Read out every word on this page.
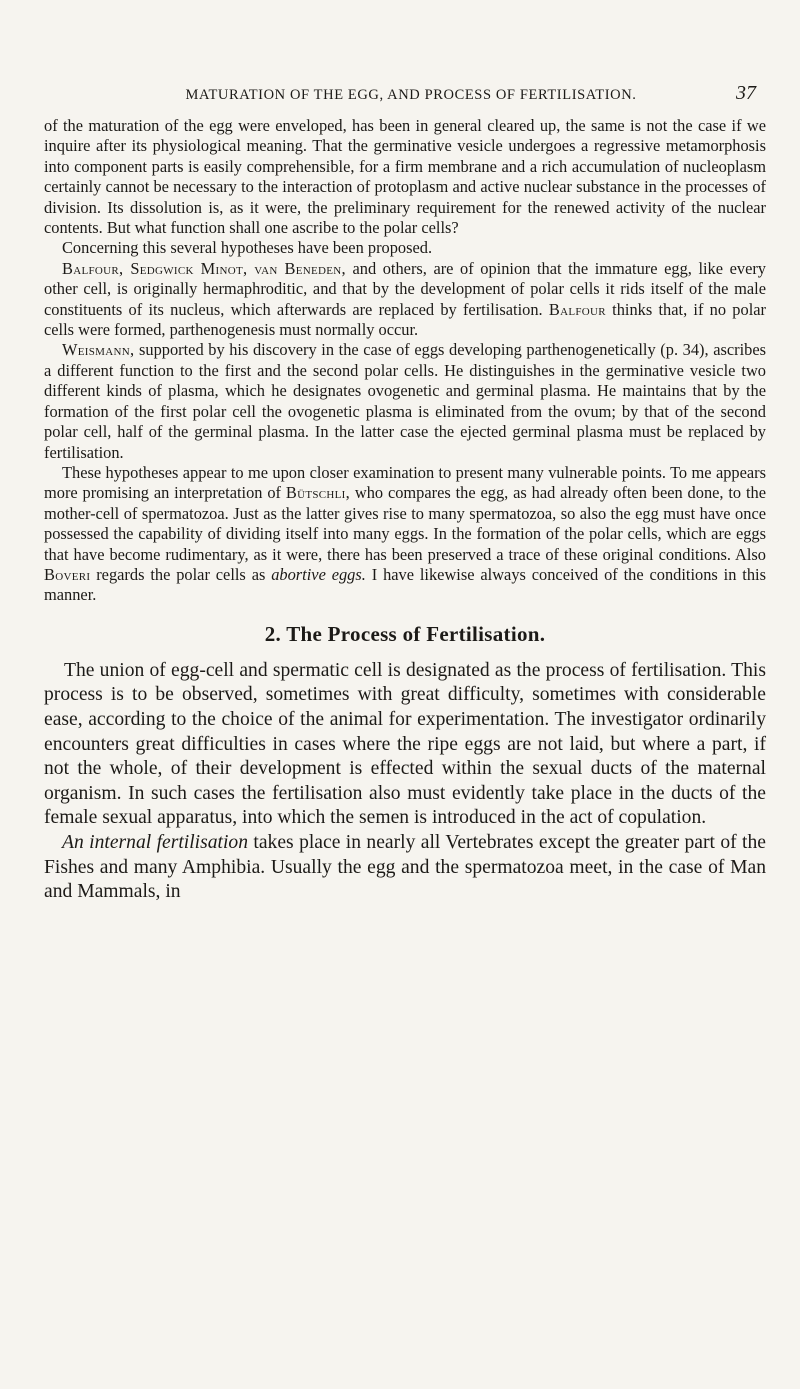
MATURATION OF THE EGG, AND PROCESS OF FERTILISATION.	37

of the maturation of the egg were enveloped, has been in general cleared up, the same is not the case if we inquire after its physiological meaning. That the germinative vesicle undergoes a regressive metamorphosis into component parts is easily comprehensible, for a firm membrane and a rich accumulation of nucleoplasm certainly cannot be necessary to the interaction of protoplasm and active nuclear substance in the processes of division. Its dissolution is, as it were, the preliminary requirement for the renewed activity of the nuclear contents. But what function shall one ascribe to the polar cells?

Concerning this several hypotheses have been proposed.

Balfour, Sedgwick Minot, van Beneden, and others, are of opinion that the immature egg, like every other cell, is originally hermaphroditic, and that by the development of polar cells it rids itself of the male constituents of its nucleus, which afterwards are replaced by fertilisation. Balfour thinks that, if no polar cells were formed, parthenogenesis must normally occur.

Weismann, supported by his discovery in the case of eggs developing parthenogenetically (p. 34), ascribes a different function to the first and the second polar cells. He distinguishes in the germinative vesicle two different kinds of plasma, which he designates ovogenetic and germinal plasma. He maintains that by the formation of the first polar cell the ovogenetic plasma is eliminated from the ovum; by that of the second polar cell, half of the germinal plasma. In the latter case the ejected germinal plasma must be replaced by fertilisation.

These hypotheses appear to me upon closer examination to present many vulnerable points. To me appears more promising an interpretation of Bütschli, who compares the egg, as had already often been done, to the mother-cell of spermatozoa. Just as the latter gives rise to many spermatozoa, so also the egg must have once possessed the capability of dividing itself into many eggs. In the formation of the polar cells, which are eggs that have become rudimentary, as it were, there has been preserved a trace of these original conditions. Also Boveri regards the polar cells as abortive eggs. I have likewise always conceived of the conditions in this manner.

2. The Process of Fertilisation.

The union of egg-cell and spermatic cell is designated as the process of fertilisation. This process is to be observed, sometimes with great difficulty, sometimes with considerable ease, according to the choice of the animal for experimentation. The investigator ordinarily encounters great difficulties in cases where the ripe eggs are not laid, but where a part, if not the whole, of their development is effected within the sexual ducts of the maternal organism. In such cases the fertilisation also must evidently take place in the ducts of the female sexual apparatus, into which the semen is introduced in the act of copulation.

An internal fertilisation takes place in nearly all Vertebrates except the greater part of the Fishes and many Amphibia. Usually the egg and the spermatozoa meet, in the case of Man and Mammals, in
